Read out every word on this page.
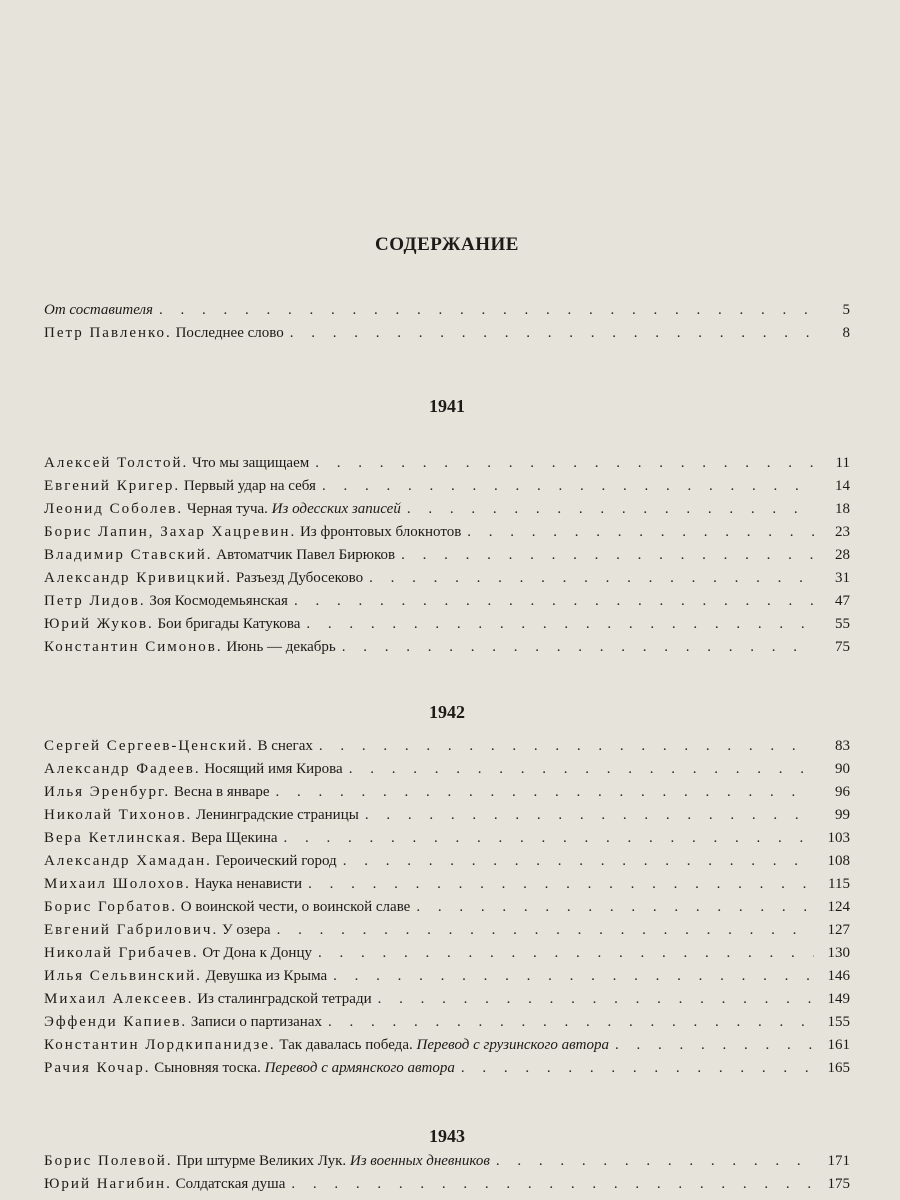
СОДЕРЖАНИЕ
От составителя . . .	5
Петр Павленко. Последнее слово . . .	8
1941
Алексей Толстой. Что мы защищаем . . .	11
Евгений Кригер. Первый удар на себя . . .	14
Леонид Соболев. Черная туча. Из одесских записей . . .	18
Борис Лапин, Захар Хацревин. Из фронтовых блокнотов . . .	23
Владимир Ставский. Автоматчик Павел Бирюков . . .	28
Александр Кривицкий. Разъезд Дубосеково . . .	31
Петр Лидов. Зоя Космодемьянская . . .	47
Юрий Жуков. Бои бригады Катукова . . .	55
Константин Симонов. Июнь — декабрь . . .	75
1942
Сергей Сергеев-Ценский. В снегах . . .	83
Александр Фадеев. Носящий имя Кирова . . .	90
Илья Эренбург. Весна в январе . . .	96
Николай Тихонов. Ленинградские страницы . . .	99
Вера Кетлинская. Вера Щекина . . .	103
Александр Хамадан. Героический город . . .	108
Михаил Шолохов. Наука ненависти . . .	115
Борис Горбатов. О воинской чести, о воинской славе . . .	124
Евгений Габрилович. У озера . . .	127
Николай Грибачев. От Дона к Донцу . . .	130
Илья Сельвинский. Девушка из Крыма . . .	146
Михаил Алексеев. Из сталинградской тетради . . .	149
Эффенди Капиев. Записи о партизанах . . .	155
Константин Лордкипанидзе. Так давалась победа. Перевод с грузинского автора . . .	161
Рачия Кочар. Сыновняя тоска. Перевод с армянского автора . . .	165
1943
Борис Полевой. При штурме Великих Лук. Из военных дневников . . .	171
Юрий Нагибин. Солдатская душа . . .	175
